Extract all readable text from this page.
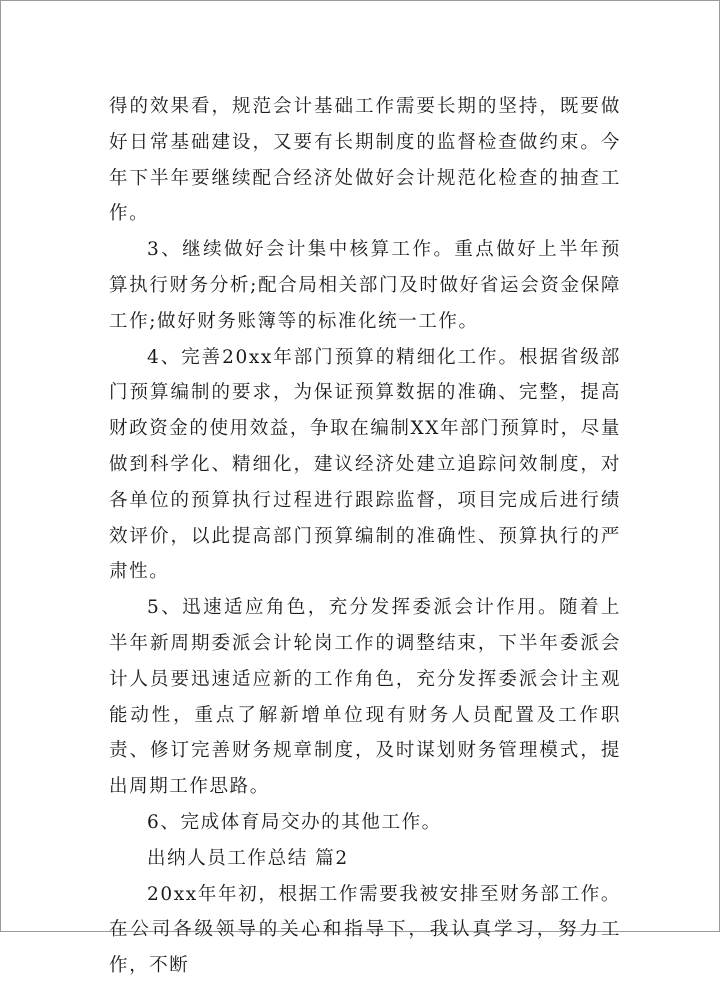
得的效果看，规范会计基础工作需要长期的坚持，既要做好日常基础建设，又要有长期制度的监督检查做约束。今年下半年要继续配合经济处做好会计规范化检查的抽查工作。

3、继续做好会计集中核算工作。重点做好上半年预算执行财务分析;配合局相关部门及时做好省运会资金保障工作;做好财务账簿等的标准化统一工作。

4、完善20xx年部门预算的精细化工作。根据省级部门预算编制的要求，为保证预算数据的准确、完整，提高财政资金的使用效益，争取在编制XX年部门预算时，尽量做到科学化、精细化，建议经济处建立追踪问效制度，对各单位的预算执行过程进行跟踪监督，项目完成后进行绩效评价，以此提高部门预算编制的准确性、预算执行的严肃性。

5、迅速适应角色，充分发挥委派会计作用。随着上半年新周期委派会计轮岗工作的调整结束，下半年委派会计人员要迅速适应新的工作角色，充分发挥委派会计主观能动性，重点了解新增单位现有财务人员配置及工作职责、修订完善财务规章制度，及时谋划财务管理模式，提出周期工作思路。

6、完成体育局交办的其他工作。

出纳人员工作总结 篇2

20xx年年初，根据工作需要我被安排至财务部工作。在公司各级领导的关心和指导下，我认真学习，努力工作，不断
